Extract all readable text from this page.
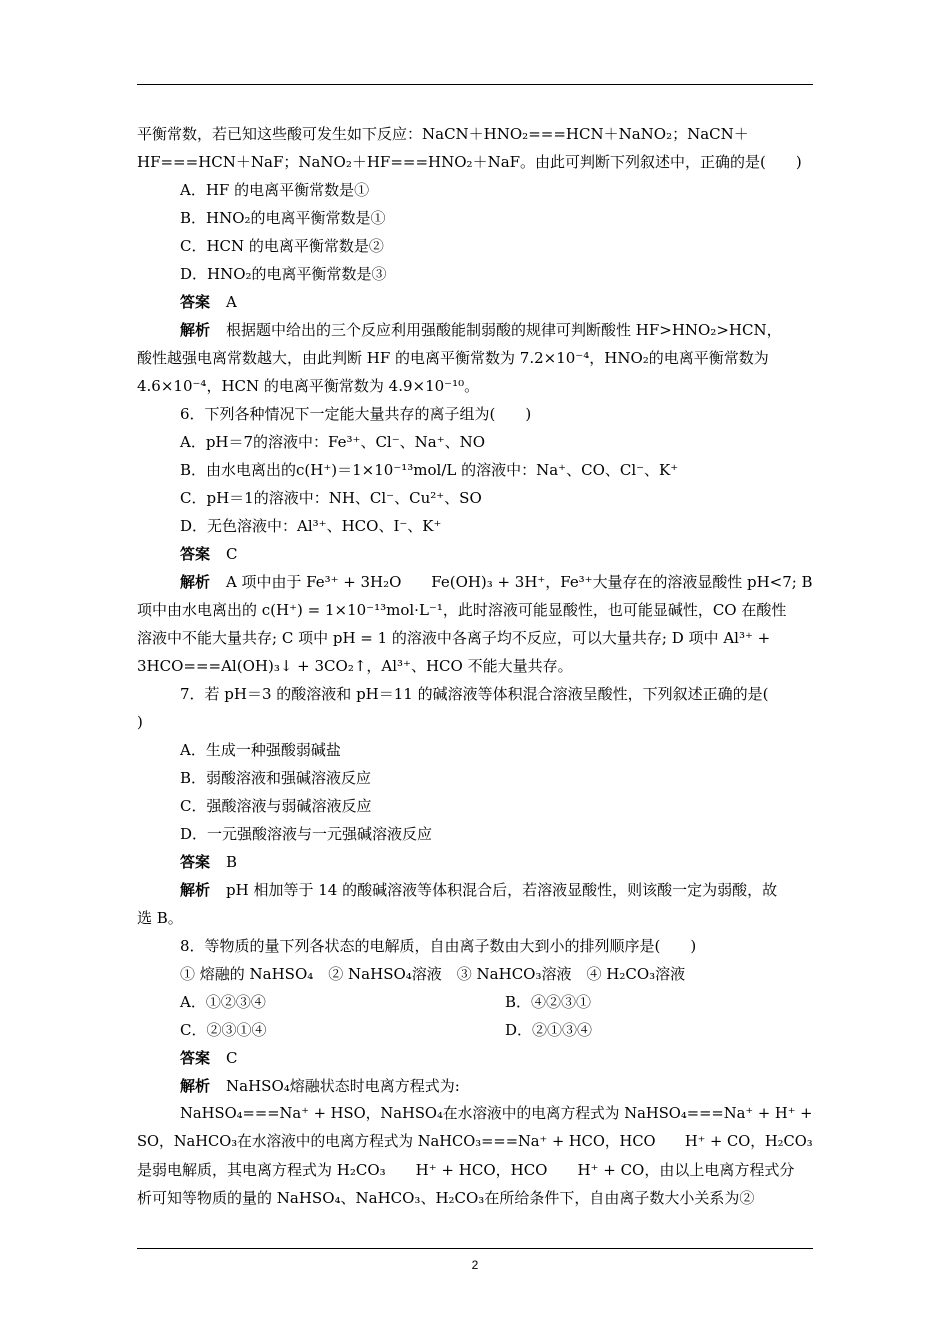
平衡常数，若已知这些酸可发生如下反应：NaCN＋HNO₂===HCN＋NaNO₂；NaCN＋
HF===HCN＋NaF；NaNO₂＋HF===HNO₂＋NaF。由此可判断下列叙述中，正确的是(　　)
A．HF 的电离平衡常数是①
B．HNO₂的电离平衡常数是①
C．HCN 的电离平衡常数是②
D．HNO₂的电离平衡常数是③
答案 A
解析 根据题中给出的三个反应利用强酸能制弱酸的规律可判断酸性 HF>HNO₂>HCN，
酸性越强电离常数越大，由此判断 HF 的电离平衡常数为 7.2×10⁻⁴，HNO₂的电离平衡常数为
4.6×10⁻⁴，HCN 的电离平衡常数为 4.9×10⁻¹⁰。
6．下列各种情况下一定能大量共存的离子组为(　　)
A．pH＝7的溶液中：Fe³⁺、Cl⁻、Na⁺、NO
B．由水电离出的c(H⁺)＝1×10⁻¹³mol/L 的溶液中：Na⁺、CO、Cl⁻、K⁺
C．pH＝1的溶液中：NH、Cl⁻、Cu²⁺、SO
D．无色溶液中：Al³⁺、HCO、I⁻、K⁺
答案 C
解析 A 项中由于 Fe³⁺ + 3H₂O　　Fe(OH)₃ + 3H⁺，Fe³⁺大量存在的溶液显酸性 pH<7; B
项中由水电离出的 c(H⁺) = 1×10⁻¹³mol·L⁻¹，此时溶液可能显酸性，也可能显碱性，CO 在酸性
溶液中不能大量共存; C 项中 pH = 1 的溶液中各离子均不反应，可以大量共存; D 项中 Al³⁺ +
3HCO===Al(OH)₃↓ + 3CO₂↑，Al³⁺、HCO 不能大量共存。
7．若 pH＝3 的酸溶液和 pH＝11 的碱溶液等体积混合溶液呈酸性，下列叙述正确的是(
)
A．生成一种强酸弱碱盐
B．弱酸溶液和强碱溶液反应
C．强酸溶液与弱碱溶液反应
D．一元强酸溶液与一元强碱溶液反应
答案 B
解析 pH 相加等于 14 的酸碱溶液等体积混合后，若溶液显酸性，则该酸一定为弱酸，故
选 B。
8．等物质的量下列各状态的电解质，自由离子数由大到小的排列顺序是(　　)
① 熔融的 NaHSO₄　② NaHSO₄溶液　③ NaHCO₃溶液　④ H₂CO₃溶液
A．①②③④	B．④②③①
C．②③①④	D．②①③④
答案 C
解析 NaHSO₄熔融状态时电离方程式为:
NaHSO₄===Na⁺ + HSO，NaHSO₄在水溶液中的电离方程式为 NaHSO₄===Na⁺ + H⁺ +
SO，NaHCO₃在水溶液中的电离方程式为 NaHCO₃===Na⁺ + HCO，HCO　　H⁺ + CO，H₂CO₃
是弱电解质，其电离方程式为 H₂CO₃　　H⁺ + HCO，HCO　　H⁺ + CO，由以上电离方程式分
析可知等物质的量的 NaHSO₄、NaHCO₃、H₂CO₃在所给条件下，自由离子数大小关系为②
2
